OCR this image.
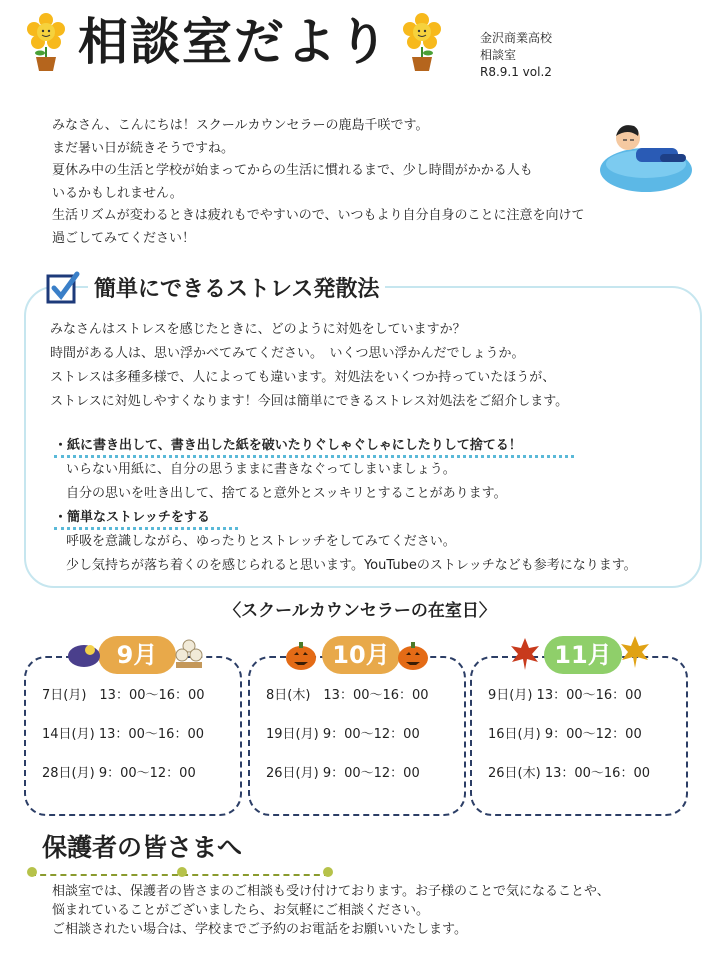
相談室だより	金沢商業高校
相談室
R8.9.1 vol.2
みなさん、こんにちは！スクールカウンセラーの鹿島千咲です。
まだ暑い日が続きそうですね。
夏休み中の生活と学校が始まってからの生活に慣れるまで、少し時間がかかる人も
いるかもしれません。
生活リズムが変わるときは疲れもでやすいので、いつもより自分自身のことに注意を向けて
過ごしてみてください！
簡単にできるストレス発散法
みなさんはストレスを感じたときに、どのように対処をしていますか？
時間がある人は、思い浮かべてみてください。　いくつ思い浮かんだでしょうか。
ストレスは多種多様で、人によっても違います。対処法をいくつか持っていたほうが、
ストレスに対処しやすくなります！今回は簡単にできるストレス対処法をご紹介します。
・紙に書き出して、書き出した紙を破いたりぐしゃぐしゃにしたりして捨てる！
いらない用紙に、自分の思うままに書きなぐってしまいましょう。
自分の思いを吐き出して、捨てると意外とスッキリとすることがあります。
・簡単なストレッチをする
呼吸を意識しながら、ゆったりとストレッチをしてみてください。
少し気持ちが落ち着くのを感じられると思います。YouTubeのストレッチなども参考になります。
〈スクールカウンセラーの在室日〉
9月
7日(月)　13：00～16：00
14日(月) 13：00～16：00
28日(月) 9：00～12：00
10月
8日(木)　13：00～16：00
19日(月) 9：00～12：00
26日(月) 9：00～12：00
11月
9日(月) 13：00～16：00
16日(月) 9：00～12：00
26日(木) 13：00～16：00
保護者の皆さまへ
相談室では、保護者の皆さまのご相談も受け付けております。お子様のことで気になることや、
悩まれていることがございましたら、お気軽にご相談ください。
ご相談されたい場合は、学校までご予約のお電話をお願いいたします。
